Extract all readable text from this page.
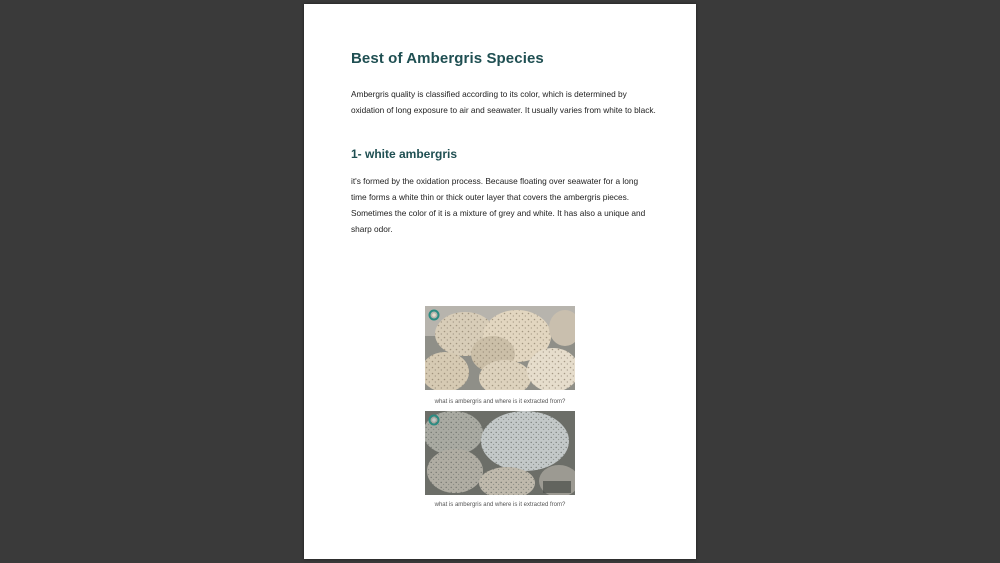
Best of Ambergris Species

Ambergris quality is classified according to its color, which is determined by oxidation of long exposure to air and seawater. It usually varies from white to black.

1- white ambergris

it's formed by the oxidation process. Because floating over seawater for a long time forms a white thin or thick outer layer that covers the ambergris pieces. Sometimes the color of it is a mixture of grey and white. It has also a unique and sharp odor.

what is ambergris and where is it extracted from?
what is ambergris and where is it extracted from?
